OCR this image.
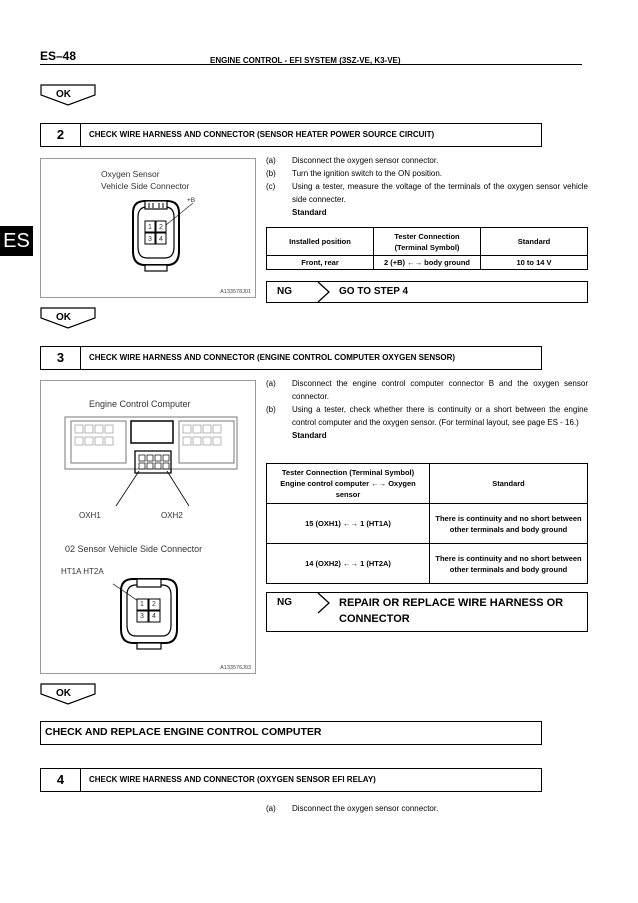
ES–48	ENGINE CONTROL - EFI SYSTEM (3SZ-VE, K3-VE)
ES
OK
2	CHECK WIRE HARNESS AND CONNECTOR (SENSOR HEATER POWER SOURCE CIRCUIT)
Oxygen Sensor
Vehicle Side Connector
+B
1 2
3 4
A133578J01
(a)	Disconnect the oxygen sensor connector.
(b)	Turn the ignition switch to the ON position.
(c)	Using a tester, measure the voltage of the terminals of the oxygen sensor vehicle side connecter.
Standard
Installed position	Tester Connection (Terminal Symbol)	Standard
Front, rear	2 (+B) ←→ body ground	10 to 14 V
NG	GO TO STEP 4
OK
3	CHECK WIRE HARNESS AND CONNECTOR (ENGINE CONTROL COMPUTER OXYGEN SENSOR)
Engine Control Computer
OXH1	OXH2
02 Sensor Vehicle Side Connector
HT1A HT2A
1 2
3 4
A133576J03
(a)	Disconnect the engine control computer connector B and the oxygen sensor connector.
(b)	Using a tester, check whether there is continuity or a short between the engine control computer and the oxygen sensor. (For terminal layout, see page ES - 16.)
Standard
Tester Connection (Terminal Symbol) Engine control computer ←→ Oxygen sensor	Standard
15 (OXH1) ←→ 1 (HT1A)	There is continuity and no short between other terminals and body ground
14 (OXH2) ←→ 1 (HT2A)	There is continuity and no short between other terminals and body ground
NG	REPAIR OR REPLACE WIRE HARNESS OR
CONNECTOR
OK
CHECK AND REPLACE ENGINE CONTROL COMPUTER
4	CHECK WIRE HARNESS AND CONNECTOR (OXYGEN SENSOR EFI RELAY)
(a)	Disconnect the oxygen sensor connector.
